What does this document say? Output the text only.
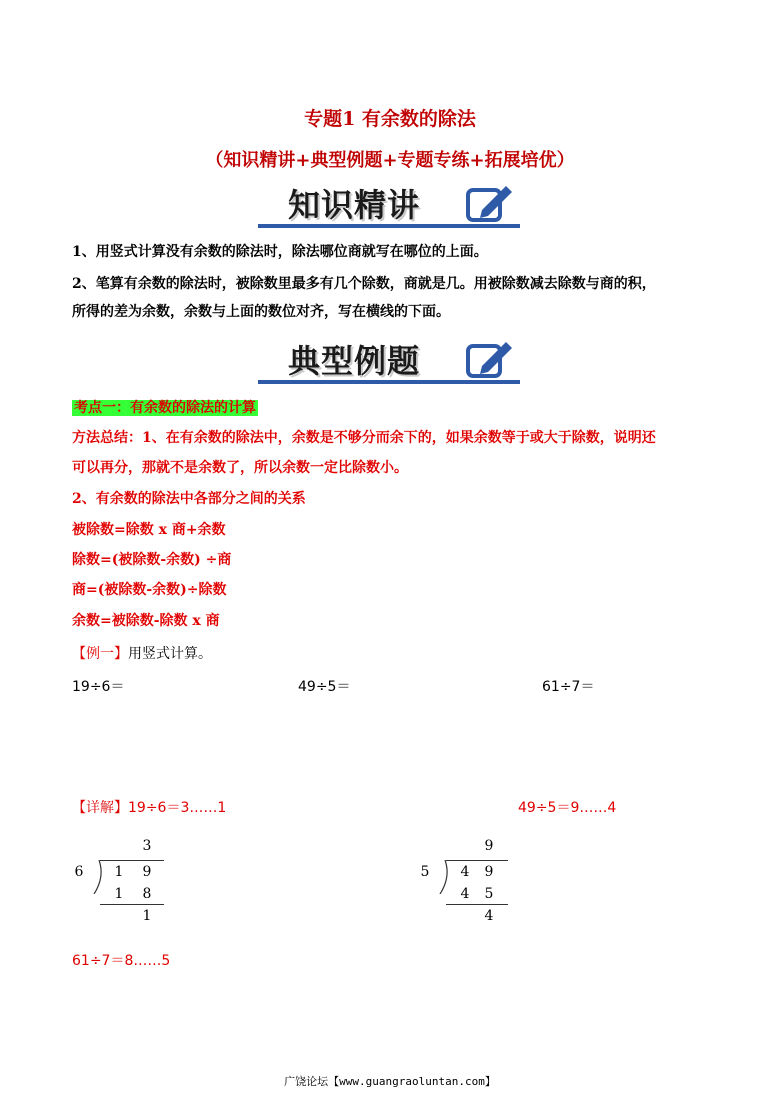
专题1 有余数的除法
（知识精讲+典型例题+专题专练+拓展培优）
知识精讲
1、用竖式计算没有余数的除法时，除法哪位商就写在哪位的上面。
2、笔算有余数的除法时，被除数里最多有几个除数，商就是几。用被除数减去除数与商的积，
所得的差为余数，余数与上面的数位对齐，写在横线的下面。
典型例题
考点一：有余数的除法的计算
方法总结：1、在有余数的除法中，余数是不够分而余下的，如果余数等于或大于除数，说明还
可以再分，那就不是余数了，所以余数一定比除数小。
2、有余数的除法中各部分之间的关系
被除数=除数 x 商+余数
除数=(被除数-余数) ÷商
商=(被除数-余数)÷除数
余数=被除数-除数 x 商
【例一】用竖式计算。
19÷6＝	49÷5＝	61÷7＝
【详解】19÷6＝3……1	49÷5＝9……4
3
6 1 9
1 8
1
9
5 4 9
4 5
4
61÷7＝8……5
广饶论坛【www.guangraoluntan.com】
